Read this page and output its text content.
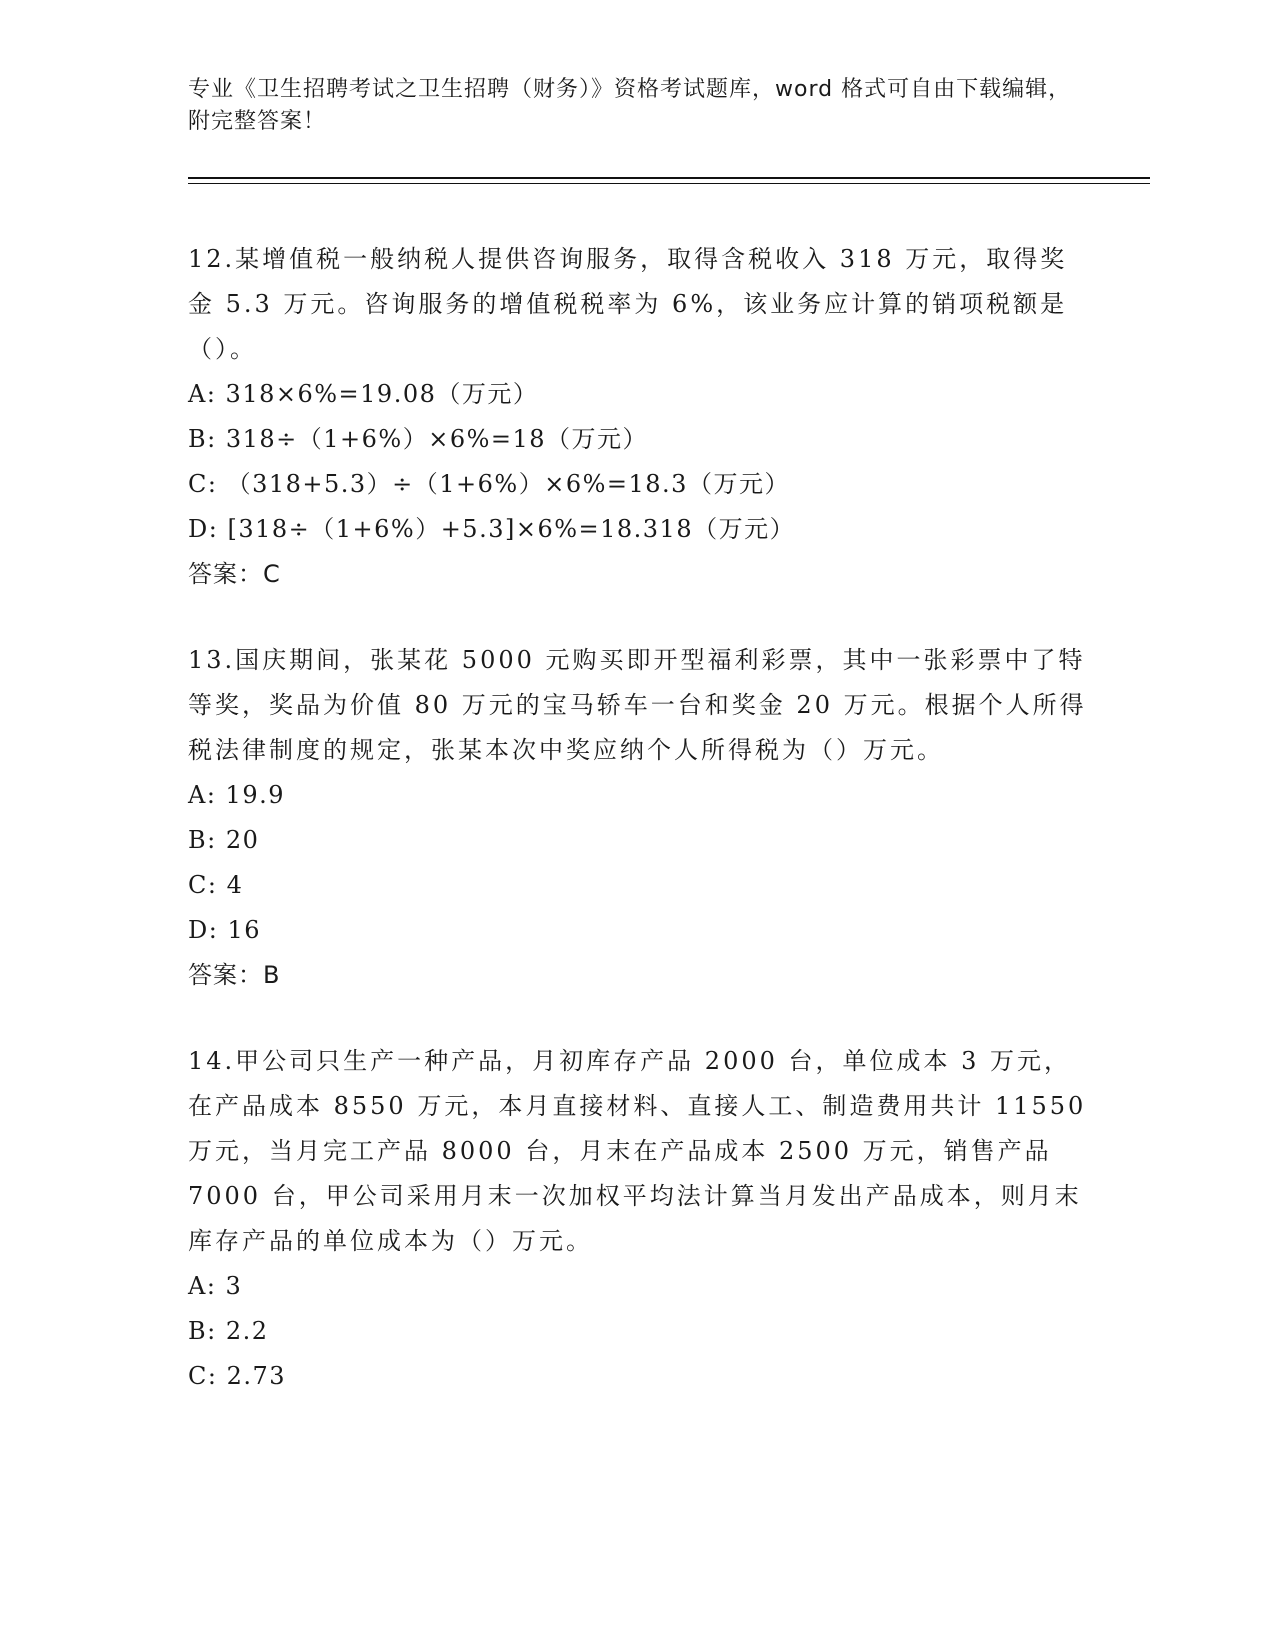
专业《卫生招聘考试之卫生招聘（财务）》资格考试题库，word 格式可自由下载编辑，附完整答案！

12.某增值税一般纳税人提供咨询服务，取得含税收入 318 万元，取得奖金 5.3 万元。咨询服务的增值税税率为 6%，该业务应计算的销项税额是（）。

A: 318×6%=19.08（万元）

B: 318÷（1+6%）×6%=18（万元）

C: （318+5.3）÷（1+6%）×6%=18.3（万元）

D: [318÷（1+6%）+5.3]×6%=18.318（万元）

答案：C

13.国庆期间，张某花 5000 元购买即开型福利彩票，其中一张彩票中了特等奖，奖品为价值 80 万元的宝马轿车一台和奖金 20 万元。根据个人所得税法律制度的规定，张某本次中奖应纳个人所得税为（）万元。

A: 19.9

B: 20

C: 4

D: 16

答案：B

14.甲公司只生产一种产品，月初库存产品 2000 台，单位成本 3 万元，在产品成本 8550 万元，本月直接材料、直接人工、制造费用共计 11550 万元，当月完工产品 8000 台，月末在产品成本 2500 万元，销售产品 7000 台，甲公司采用月末一次加权平均法计算当月发出产品成本，则月末库存产品的单位成本为（）万元。

A: 3

B: 2.2

C: 2.73
